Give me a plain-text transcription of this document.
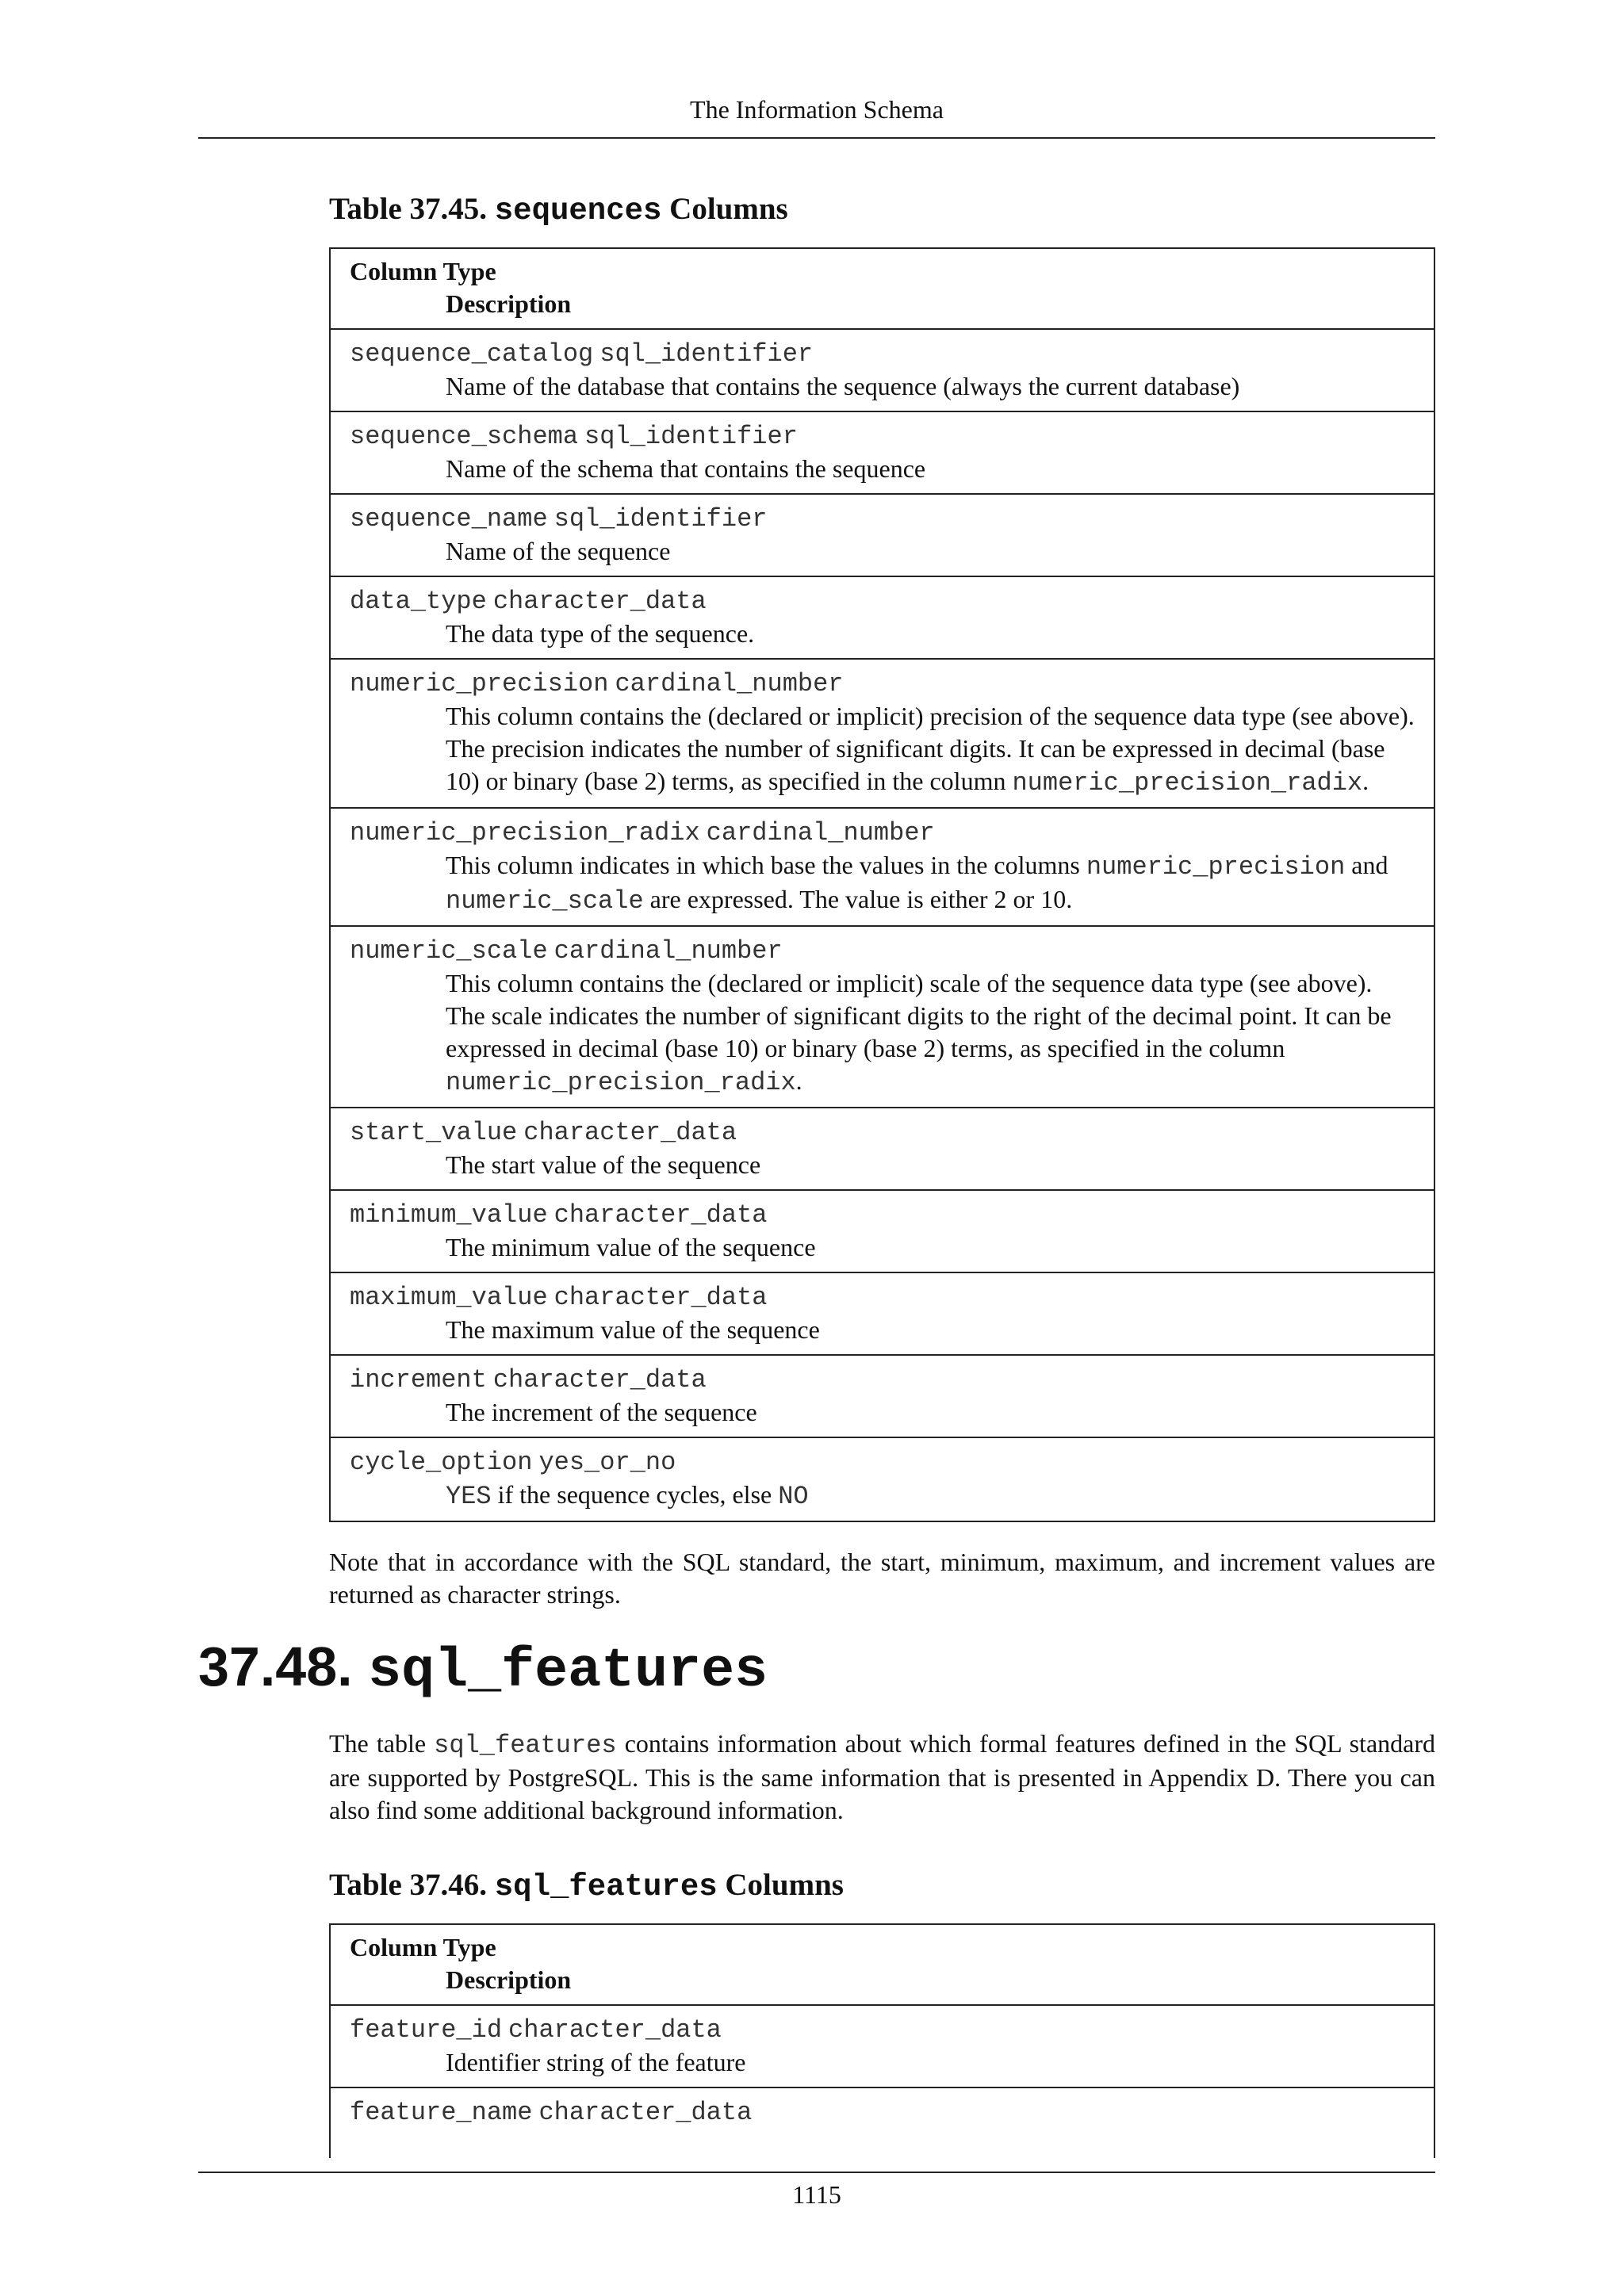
The Information Schema
Table 37.45. sequences Columns
Column Type
Description

sequence_catalog sql_identifier
Name of the database that contains the sequence (always the current database)

sequence_schema sql_identifier
Name of the schema that contains the sequence

sequence_name sql_identifier
Name of the sequence

data_type character_data
The data type of the sequence.

numeric_precision cardinal_number
This column contains the (declared or implicit) precision of the sequence data type (see above). The precision indicates the number of significant digits. It can be expressed in decimal (base 10) or binary (base 2) terms, as specified in the column numeric_precision_radix.

numeric_precision_radix cardinal_number
This column indicates in which base the values in the columns numeric_precision and numeric_scale are expressed. The value is either 2 or 10.

numeric_scale cardinal_number
This column contains the (declared or implicit) scale of the sequence data type (see above). The scale indicates the number of significant digits to the right of the decimal point. It can be expressed in decimal (base 10) or binary (base 2) terms, as specified in the column numeric_precision_radix.

start_value character_data
The start value of the sequence

minimum_value character_data
The minimum value of the sequence

maximum_value character_data
The maximum value of the sequence

increment character_data
The increment of the sequence

cycle_option yes_or_no
YES if the sequence cycles, else NO

Note that in accordance with the SQL standard, the start, minimum, maximum, and increment values are returned as character strings.

37.48. sql_features

The table sql_features contains information about which formal features defined in the SQL standard are supported by PostgreSQL. This is the same information that is presented in Appendix D. There you can also find some additional background information.

Table 37.46. sql_features Columns
Column Type
Description

feature_id character_data
Identifier string of the feature

feature_name character_data

1115
